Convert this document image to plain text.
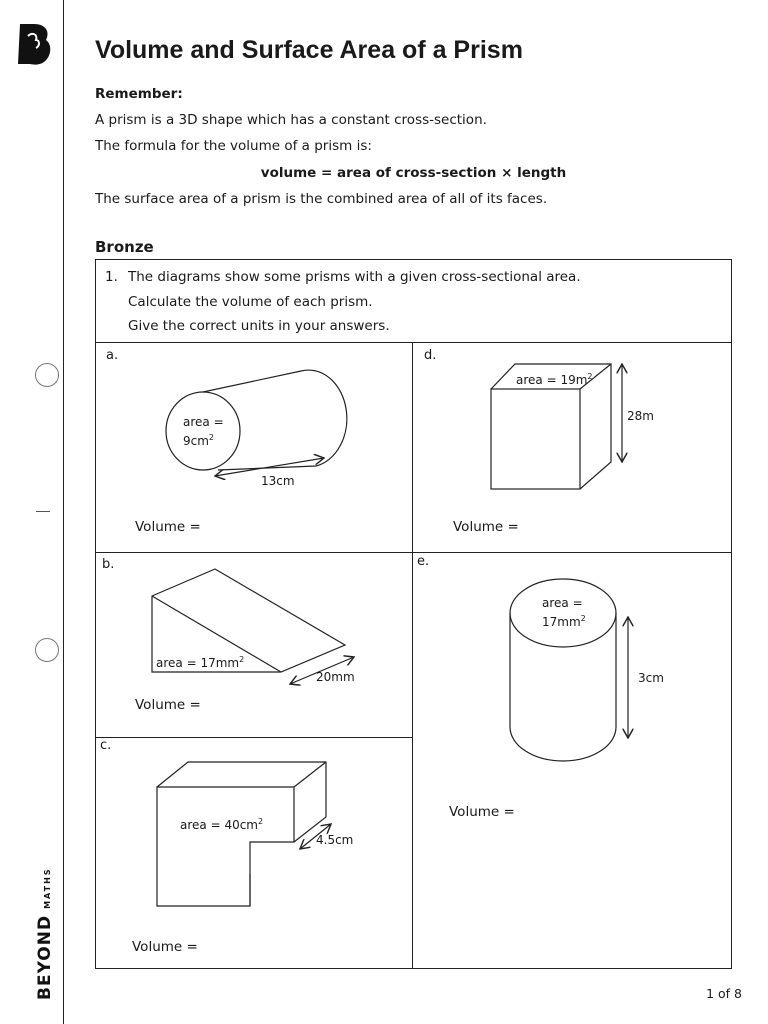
BEYONDMATHS
Volume and Surface Area of a Prism

Remember:

A prism is a 3D shape which has a constant cross-section.

The formula for the volume of a prism is:

volume = area of cross-section × length

The surface area of a prism is the combined area of all of its faces.

Bronze

1. The diagrams show some prisms with a given cross-sectional area.
Calculate the volume of each prism.
Give the correct units in your answers.
a.
area =
$9cm^2$
13cm
Volume =
d.
area = $19m^2$
28m
Volume =
b.
area = $17mm^2$
20mm
Volume =
c.
area = $40cm^2$
4.5cm
Volume =
e.
area =
$17mm^2$
3cm
Volume =
1 of 8
